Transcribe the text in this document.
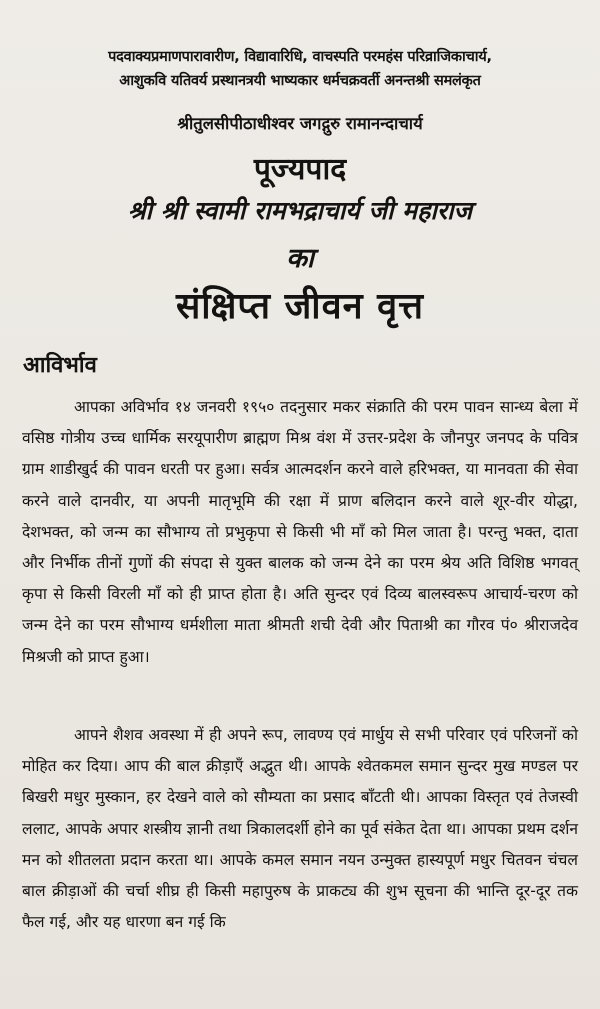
पदवाक्यप्रमाणपारावारीण, विद्यावारिधि, वाचस्पति परमहंस परिव्राजिकाचार्य,
आशुकवि यतिवर्य प्रस्थानत्रयी भाष्यकार धर्मचक्रवर्ती अनन्तश्री समलंकृत
श्रीतुलसीपीठाधीश्वर जगद्गुरु रामानन्दाचार्य
पूज्यपाद
श्री श्री स्वामी रामभद्राचार्य जी महाराज
का
संक्षिप्त जीवन वृत्त
आविर्भाव

आपका अविर्भाव १४ जनवरी १९५० तदनुसार मकर संक्राति की परम पावन सान्ध्य बेला में वसिष्ठ गोत्रीय उच्च धार्मिक सरयूपारीण ब्राह्मण मिश्र वंश में उत्तर-प्रदेश के जौनपुर जनपद के पवित्र ग्राम शाडीखुर्द की पावन धरती पर हुआ। सर्वत्र आत्मदर्शन करने वाले हरिभक्त, या मानवता की सेवा करने वाले दानवीर, या अपनी मातृभूमि की रक्षा में प्राण बलिदान करने वाले शूर-वीर योद्धा, देशभक्त, को जन्म का सौभाग्य तो प्रभुकृपा से किसी भी माँ को मिल जाता है। परन्तु भक्त, दाता और निर्भीक तीनों गुणों की संपदा से युक्त बालक को जन्म देने का परम श्रेय अति विशिष्ठ भगवत् कृपा से किसी विरली माँ को ही प्राप्त होता है। अति सुन्दर एवं दिव्य बालस्वरूप आचार्य-चरण को जन्म देने का परम सौभाग्य धर्मशीला माता श्रीमती शची देवी और पिताश्री का गौरव पं० श्रीराजदेव मिश्रजी को प्राप्त हुआ।

आपने शैशव अवस्था में ही अपने रूप, लावण्य एवं मार्धुय से सभी परिवार एवं परिजनों को मोहित कर दिया। आप की बाल क्रीड़ाएँ अद्भुत थी। आपके श्वेतकमल समान सुन्दर मुख मण्डल पर बिखरी मधुर मुस्कान, हर देखने वाले को सौम्यता का प्रसाद बाँटती थी। आपका विस्तृत एवं तेजस्वी ललाट, आपके अपार शस्त्रीय ज्ञानी तथा त्रिकालदर्शी होने का पूर्व संकेत देता था। आपका प्रथम दर्शन मन को शीतलता प्रदान करता था। आपके कमल समान नयन उन्मुक्त हास्यपूर्ण मधुर चितवन चंचल बाल क्रीड़ाओं की चर्चा शीघ्र ही किसी महापुरुष के प्राकट्य की शुभ सूचना की भान्ति दूर-दूर तक फैल गई, और यह धारणा बन गई कि
